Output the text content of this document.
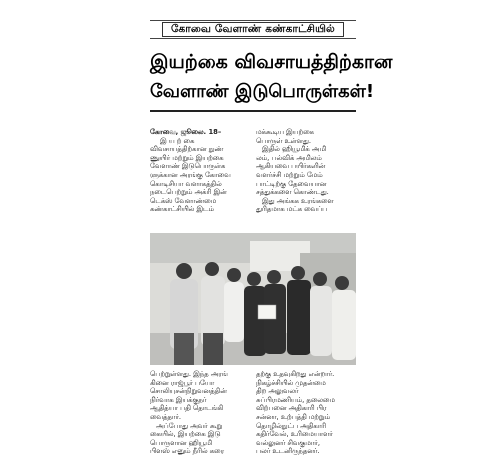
கோவை வேளாண் கண்காட்சியில்
இயற்கை விவசாயத்திற்கான
வேளாண் இடுபொருள்கள்!

கோவை, ஜூலை. 18–

இ ய ற் கை

விவசாயத்திற்கான நுண்

ணுயிர் மற்றும் இயற்கை

வேளாண் இடுபொருள்க

ளுக்கான அரங்கு கோவை

கொடிசியா வளாகத்தில்

நடைபெற்றும் அக்ரி இன்

டெக்ஸ் வேளாண்மை

கண்காட்சியில் இடம்

மக்கூடிய இயற்கை

பொருள் உள்ளது.

இதில் ஹியூமிக் அமி

லம், பல்விக் அமிலம்

ஆகியவை பயிர்களின்

வளர்ச்சி மற்றும் மேம்

பாட்டிற்கு தேவையான

சத்துக்களை கொண்டது.

இது அங்கக உரங்களை

துரிதமாக மட்க வைப்ப

பெற்றுள்ளது. இந்த அரங்

கினை ராஜ்பூர் பயோ

சொலியுசன்நிறுவனத்தின்

நிர்வாக இயக்குநர்

ஆதித்யா பதி தொடங்கி

வைத்தார்.

அப்போது அவர் கூறு

கையில், இயற்கை இடு

பொருளான ஹியூமி

பிளஸ் எனும் நீரில் கரை

தற்கு உதவுகிறது என்றார்.

நிகழ்ச்சியில் முதன்மை

திற அலுவலர்

சுப்பிரமணியம், தலைமை

விற்பனை அதிகாரி பிர

சன்னா, உற்பத்தி மற்றும்

தொழில்நுட்ப அதிகாரி

கதிர்வேல், உரிமையாளர்

வல்லுனர் சிவகுமார்,

பலர் உடனிருந்தனர்.
